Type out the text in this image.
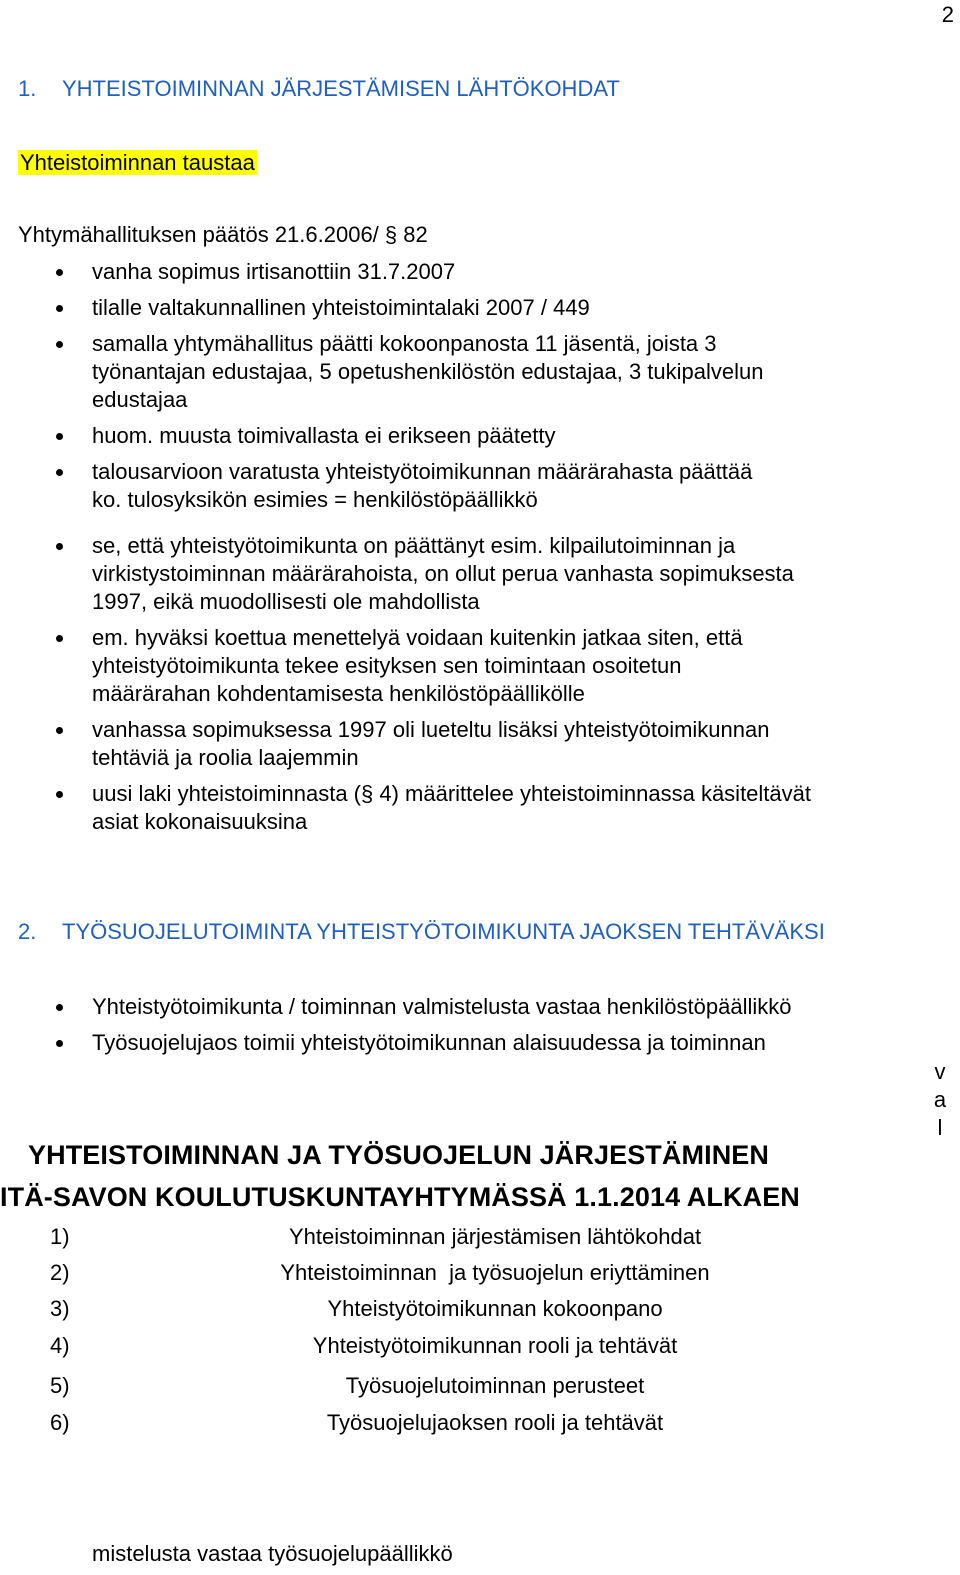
2
1. YHTEISTOIMINNAN JÄRJESTÄMISEN LÄHTÖKOHDAT
Yhteistoiminnan taustaa
Yhtymähallituksen päätös 21.6.2006/ § 82
vanha sopimus irtisanottiin 31.7.2007
tilalle valtakunnallinen yhteistoimintalaki 2007 / 449
samalla yhtymähallitus päätti kokoonpanosta 11 jäsentä, joista 3 työnantajan edustajaa, 5 opetushenkilöstön edustajaa, 3 tukipalvelun edustajaa
huom. muusta toimivallasta ei erikseen päätetty
talousarvioon varatusta yhteistyötoimikunnan määrärahasta päättää ko. tulosyksikön esimies = henkilöstöpäällikkö
se, että yhteistyötoimikunta on päättänyt esim. kilpailutoiminnan ja virkistystoiminnan määrärahoista, on ollut perua vanhasta sopimuksesta 1997, eikä muodollisesti ole mahdollista
em. hyväksi koettua menettelyä voidaan kuitenkin jatkaa siten, että yhteistyötoimikunta tekee esityksen sen toimintaan osoitetun määrärahan kohdentamisesta henkilöstöpäällikölle
vanhassa sopimuksessa 1997 oli lueteltu lisäksi yhteistyötoimikunnan tehtäviä ja roolia laajemmin
uusi laki yhteistoiminnasta (§ 4) määrittelee yhteistoiminnassa käsiteltävät asiat kokonaisuuksina
2. TYÖSUOJELUTOIMINTA YHTEISTYÖTOIMIKUNTA JAOKSEN TEHTÄVÄKSI
Yhteistyötoimikunta / toiminnan valmistelusta vastaa henkilöstöpäällikkö
Työsuojelujaos toimii yhteistyötoimikunnan alaisuudessa ja toiminnan
v
a
l
YHTEISTOIMINNAN JA TYÖSUOJELUN JÄRJESTÄMINEN
ITÄ-SAVON KOULUTUSKUNTAYHTYMÄSSÄ 1.1.2014 ALKAEN
1)	Yhteistoiminnan järjestämisen lähtökohdat
2)	Yhteistoiminnan  ja työsuojelun eriyttäminen
3)	Yhteistyötoimikunnan kokoonpano
4)	Yhteistyötoimikunnan rooli ja tehtävät
5)	Työsuojelutoiminnan perusteet
6)	Työsuojelujaoksen rooli ja tehtävät
mistelusta vastaa työsuojelupäällikkö
